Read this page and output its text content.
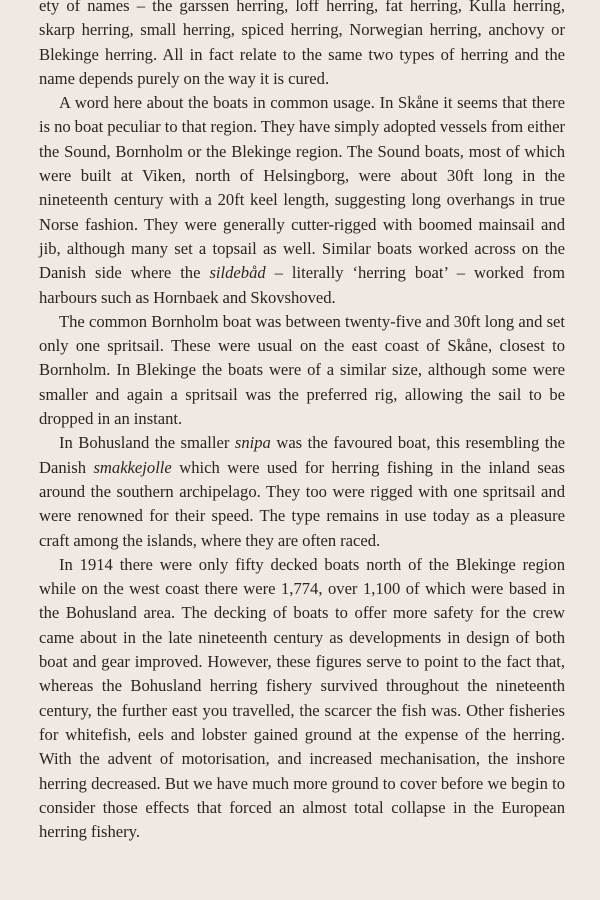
ety of names – the garssen herring, loff herring, fat herring, Kulla herring, skarp herring, small herring, spiced herring, Norwegian herring, anchovy or Blekinge herring. All in fact relate to the same two types of herring and the name depends purely on the way it is cured.

A word here about the boats in common usage. In Skåne it seems that there is no boat peculiar to that region. They have simply adopted vessels from either the Sound, Bornholm or the Blekinge region. The Sound boats, most of which were built at Viken, north of Helsingborg, were about 30ft long in the nineteenth century with a 20ft keel length, suggesting long overhangs in true Norse fashion. They were generally cutter-rigged with boomed mainsail and jib, although many set a topsail as well. Similar boats worked across on the Danish side where the sildebåd – literally ‘herring boat’ – worked from harbours such as Hornbaek and Skovshoved.

The common Bornholm boat was between twenty-five and 30ft long and set only one spritsail. These were usual on the east coast of Skåne, closest to Bornholm. In Blekinge the boats were of a similar size, although some were smaller and again a spritsail was the preferred rig, allowing the sail to be dropped in an instant.

In Bohusland the smaller snipa was the favoured boat, this resembling the Danish smakkejolle which were used for herring fishing in the inland seas around the southern archipelago. They too were rigged with one spritsail and were renowned for their speed. The type remains in use today as a pleasure craft among the islands, where they are often raced.

In 1914 there were only fifty decked boats north of the Blekinge region while on the west coast there were 1,774, over 1,100 of which were based in the Bohusland area. The decking of boats to offer more safety for the crew came about in the late nineteenth century as developments in design of both boat and gear improved. However, these figures serve to point to the fact that, whereas the Bohusland herring fishery survived throughout the nineteenth century, the further east you travelled, the scarcer the fish was. Other fisheries for whitefish, eels and lobster gained ground at the expense of the herring. With the advent of motorisation, and increased mechanisation, the inshore herring decreased. But we have much more ground to cover before we begin to consider those effects that forced an almost total collapse in the European herring fishery.
